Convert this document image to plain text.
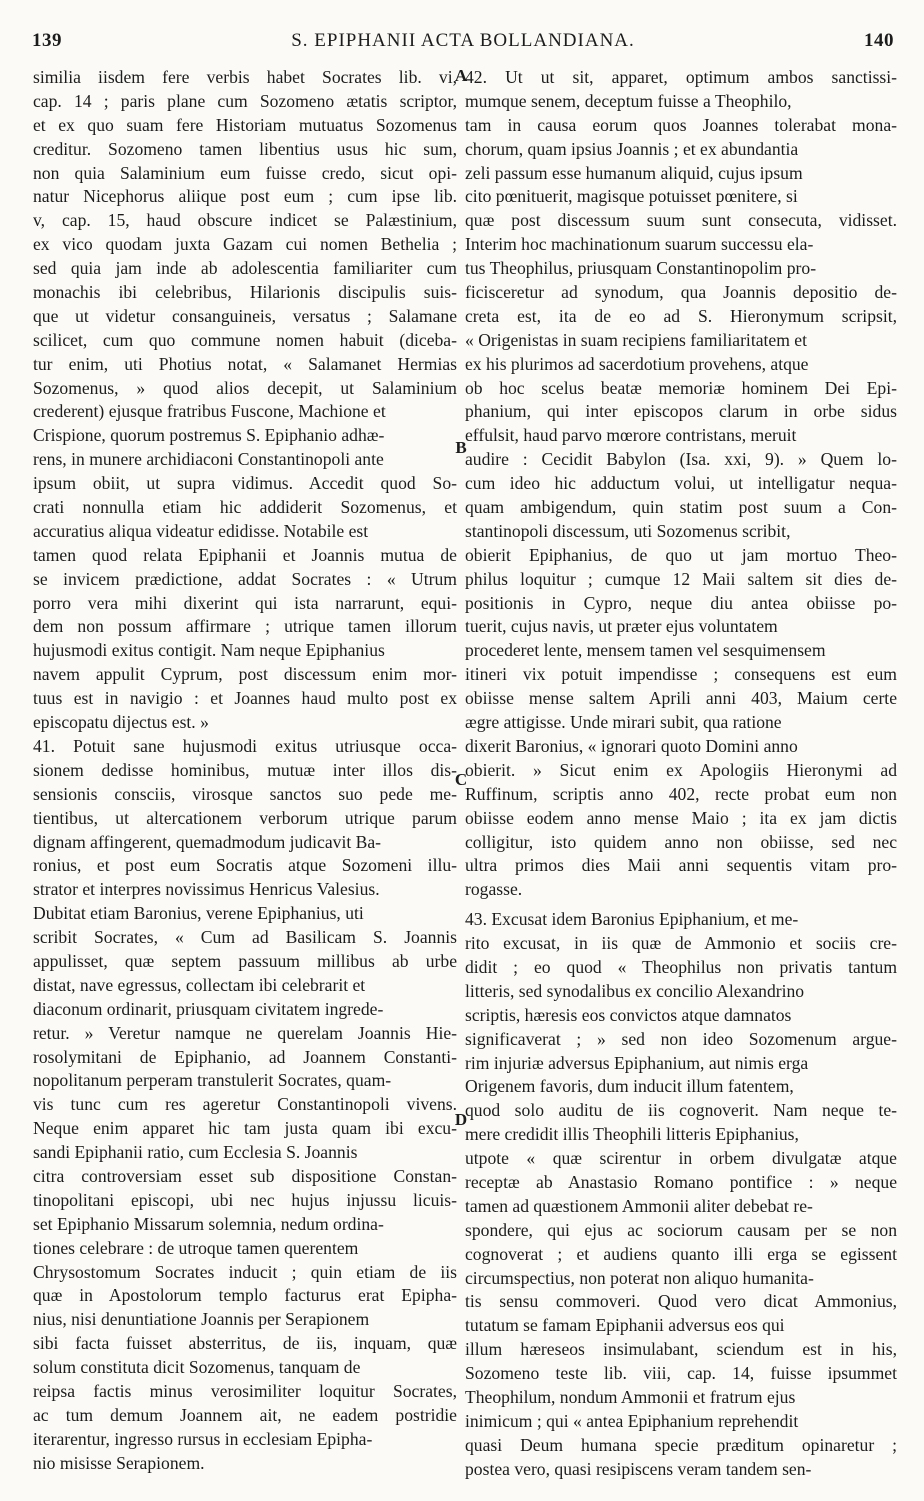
139	S. EPIPHANII ACTA BOLLANDIANA.	140
similia iisdem fere verbis habet Socrates lib. vi,
cap. 14 ; paris plane cum Sozomeno ætatis scriptor,
et ex quo suam fere Historiam mutuatus Sozomenus
creditur. Sozomeno tamen libentius usus hic sum,
non quia Salaminium eum fuisse credo, sicut opi-
natur Nicephorus aliique post eum ; cum ipse lib.
v, cap. 15, haud obscure indicet se Palæstinium,
ex vico quodam juxta Gazam cui nomen Bethelia ;
sed quia jam inde ab adolescentia familiariter cum
monachis ibi celebribus, Hilarionis discipulis suis-
que ut videtur consanguineis, versatus ; Salamane
scilicet, cum quo commune nomen habuit (diceba-
tur enim, uti Photius notat, « Salamanet Hermias
Sozomenus, » quod alios decepit, ut Salaminium
crederent) ejusque fratribus Fuscone, Machione et
Crispione, quorum postremus S. Epiphanio adhæ-
rens, in munere archidiaconi Constantinopoli ante
ipsum obiit, ut supra vidimus. Accedit quod So-
crati nonnulla etiam hic addiderit Sozomenus, et
accuratius aliqua videatur edidisse. Notabile est
tamen quod relata Epiphanii et Joannis mutua de
se invicem prædictione, addat Socrates : « Utrum
porro vera mihi dixerint qui ista narrarunt, equi-
dem non possum affirmare ; utrique tamen illorum
hujusmodi exitus contigit. Nam neque Epiphanius
navem appulit Cyprum, post discessum enim mor-
tuus est in navigio : et Joannes haud multo post ex
episcopatu dijectus est. »
41. Potuit sane hujusmodi exitus utriusque occa-
sionem dedisse hominibus, mutuæ inter illos dis-
sensionis consciis, virosque sanctos suo pede me-
tientibus, ut altercationem verborum utrique parum
dignam affingerent, quemadmodum judicavit Ba-
ronius, et post eum Socratis atque Sozomeni illu-
strator et interpres novissimus Henricus Valesius.
Dubitat etiam Baronius, verene Epiphanius, uti
scribit Socrates, « Cum ad Basilicam S. Joannis
appulisset, quæ septem passuum millibus ab urbe
distat, nave egressus, collectam ibi celebrarit et
diaconum ordinarit, priusquam civitatem ingrede-
retur. » Veretur namque ne querelam Joannis Hie-
rosolymitani de Epiphanio, ad Joannem Constanti-
nopolitanum perperam transtulerit Socrates, quam-
vis tunc cum res ageretur Constantinopoli vivens.
Neque enim apparet hic tam justa quam ibi excu-
sandi Epiphanii ratio, cum Ecclesia S. Joannis
citra controversiam esset sub dispositione Constan-
tinopolitani episcopi, ubi nec hujus injussu licuis-
set Epiphanio Missarum solemnia, nedum ordina-
tiones celebrare : de utroque tamen querentem
Chrysostomum Socrates inducit ; quin etiam de iis
quæ in Apostolorum templo facturus erat Epipha-
nius, nisi denuntiatione Joannis per Serapionem
sibi facta fuisset absterritus, de iis, inquam, quæ
solum constituta dicit Sozomenus, tanquam de
reipsa factis minus verosimiliter loquitur Socrates,
ac tum demum Joannem ait, ne eadem postridie
iterarentur, ingresso rursus in ecclesiam Epipha-
nio misisse Serapionem.
42. Ut ut sit, apparet, optimum ambos sanctissi-
mumque senem, deceptum fuisse a Theophilo,
tam in causa eorum quos Joannes tolerabat mona-
chorum, quam ipsius Joannis ; et ex abundantia
zeli passum esse humanum aliquid, cujus ipsum
cito pœnituerit, magisque potuisset pœnitere, si
quæ post discessum suum sunt consecuta, vidisset.
Interim hoc machinationum suarum successu ela-
tus Theophilus, priusquam Constantinopolim pro-
ficisceretur ad synodum, qua Joannis depositio de-
creta est, ita de eo ad S. Hieronymum scripsit,
« Origenistas in suam recipiens familiaritatem et
ex his plurimos ad sacerdotium provehens, atque
ob hoc scelus beatæ memoriæ hominem Dei Epi-
phanium, qui inter episcopos clarum in orbe sidus
effulsit, haud parvo mœrore contristans, meruit
audire : Cecidit Babylon (Isa. xxi, 9). » Quem lo-
cum ideo hic adductum volui, ut intelligatur nequa-
quam ambigendum, quin statim post suum a Con-
stantinopoli discessum, uti Sozomenus scribit,
obierit Epiphanius, de quo ut jam mortuo Theo-
philus loquitur ; cumque 12 Maii saltem sit dies de-
positionis in Cypro, neque diu antea obiisse po-
tuerit, cujus navis, ut præter ejus voluntatem
procederet lente, mensem tamen vel sesquimensem
itineri vix potuit impendisse ; consequens est eum
obiisse mense saltem Aprili anni 403, Maium certe
ægre attigisse. Unde mirari subit, qua ratione
dixerit Baronius, « ignorari quoto Domini anno
obierit. » Sicut enim ex Apologiis Hieronymi ad
Ruffinum, scriptis anno 402, recte probat eum non
obiisse eodem anno mense Maio ; ita ex jam dictis
colligitur, isto quidem anno non obiisse, sed nec
ultra primos dies Maii anni sequentis vitam pro-
rogasse.
43. Excusat idem Baronius Epiphanium, et me-
rito excusat, in iis quæ de Ammonio et sociis cre-
didit ; eo quod « Theophilus non privatis tantum
litteris, sed synodalibus ex concilio Alexandrino
scriptis, hæresis eos convictos atque damnatos
significaverat ; » sed non ideo Sozomenum argue-
rim injuriæ adversus Epiphanium, aut nimis erga
Origenem favoris, dum inducit illum fatentem,
quod solo auditu de iis cognoverit. Nam neque te-
mere credidit illis Theophili litteris Epiphanius,
utpote « quæ scirentur in orbem divulgatæ atque
receptæ ab Anastasio Romano pontifice : » neque
tamen ad quæstionem Ammonii aliter debebat re-
spondere, qui ejus ac sociorum causam per se non
cognoverat ; et audiens quanto illi erga se egissent
circumspectius, non poterat non aliquo humanita-
tis sensu commoveri. Quod vero dicat Ammonius,
tutatum se famam Epiphanii adversus eos qui
illum hæreseos insimulabant, sciendum est in his,
Sozomeno teste lib. viii, cap. 14, fuisse ipsummet
Theophilum, nondum Ammonii et fratrum ejus
inimicum ; qui « antea Epiphanium reprehendit
quasi Deum humana specie præditum opinaretur ;
postea vero, quasi resipiscens veram tandem sen-
A
B
C
D
